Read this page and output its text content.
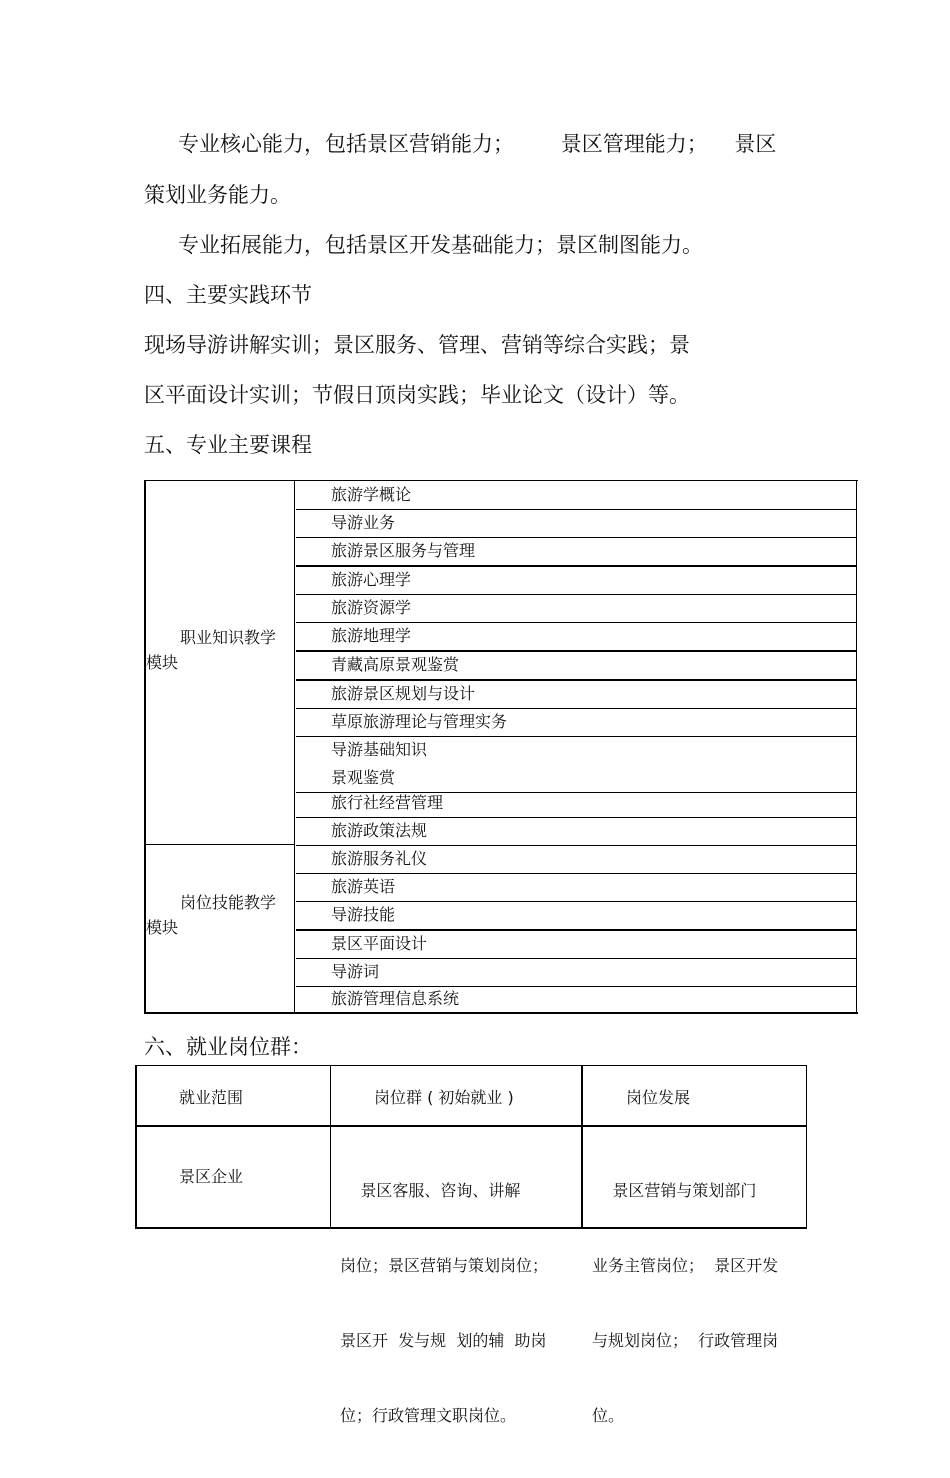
专业核心能力，包括景区营销能力；       景区管理能力；    景区
策划业务能力。
专业拓展能力，包括景区开发基础能力；景区制图能力。
四、主要实践环节
现场导游讲解实训；景区服务、管理、营销等综合实践；景
区平面设计实训；节假日顶岗实践；毕业论文（设计）等。
五、专业主要课程
职业知识教学
模块
岗位技能教学
模块
旅游学概论
导游业务
旅游景区服务与管理
旅游心理学
旅游资源学
旅游地理学
青藏高原景观鉴赏
旅游景区规划与设计
草原旅游理论与管理实务
导游基础知识
景观鉴赏
旅行社经营管理
旅游政策法规
旅游服务礼仪
旅游英语
导游技能
景区平面设计
导游词
旅游管理信息系统
六、就业岗位群：
就业范围	岗位群 ( 初始就业 )	岗位发展
景区企业

景区客服、咨询、讲解

岗位；景区营销与策划岗位；

景区开  发与规  划的辅  助岗

位；行政管理文职岗位。

景区营销与策划部门

业务主管岗位；  景区开发

与规划岗位；  行政管理岗

位。
